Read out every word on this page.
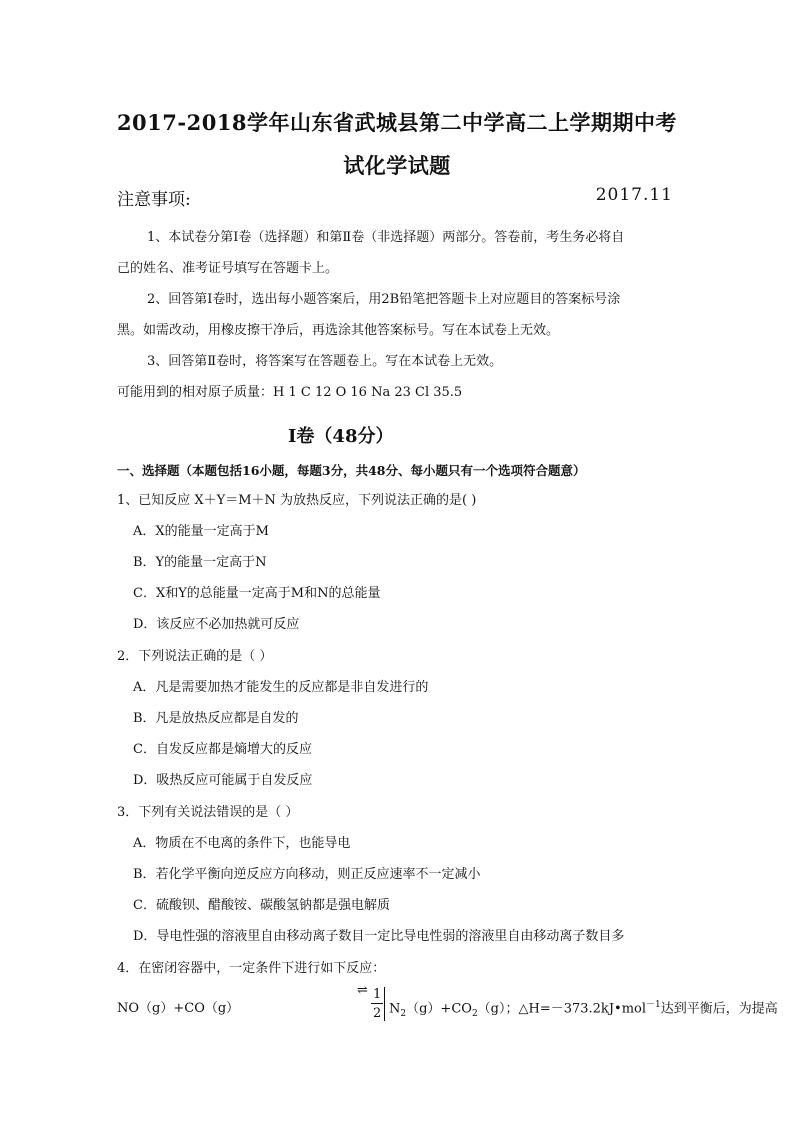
2017-2018学年山东省武城县第二中学高二上学期期中考
试化学试题
注意事项:	2017.11
1、本试卷分第Ⅰ卷（选择题）和第Ⅱ卷（非选择题）两部分。答卷前，考生务必将自
己的姓名、准考证号填写在答题卡上。
2、回答第Ⅰ卷时，选出每小题答案后，用2B铅笔把答题卡上对应题目的答案标号涂
黑。如需改动，用橡皮擦干净后，再选涂其他答案标号。写在本试卷上无效。
3、回答第Ⅱ卷时，将答案写在答题卷上。写在本试卷上无效。
可能用到的相对原子质量：H 1 C 12 O 16 Na 23 Cl 35.5
Ⅰ卷（48分）
一、选择题（本题包括16小题，每题3分，共48分、每小题只有一个选项符合题意）
1、已知反应 X＋Y＝M＋N 为放热反应，下列说法正确的是( )
A．X的能量一定高于M
B．Y的能量一定高于N
C．X和Y的总能量一定高于M和N的总能量
D．该反应不必加热就可反应
2．下列说法正确的是（ ）
A．凡是需要加热才能发生的反应都是非自发进行的
B．凡是放热反应都是自发的
C．自发反应都是熵增大的反应
D．吸热反应可能属于自发反应
3．下列有关说法错误的是（ ）
A．物质在不电离的条件下，也能导电
B．若化学平衡向逆反应方向移动，则正反应速率不一定减小
C．硫酸钡、醋酸铵、碳酸氢钠都是强电解质
D．导电性强的溶液里自由移动离子数目一定比导电性弱的溶液里自由移动离子数目多
4．在密闭容器中，一定条件下进行如下反应：
NO（g）+CO（g）
⇌ 1
2 $N_2(g)+CO_2(g)$；△H=－373.2kJ•mol$^{-1}$达到平衡后，为提高
